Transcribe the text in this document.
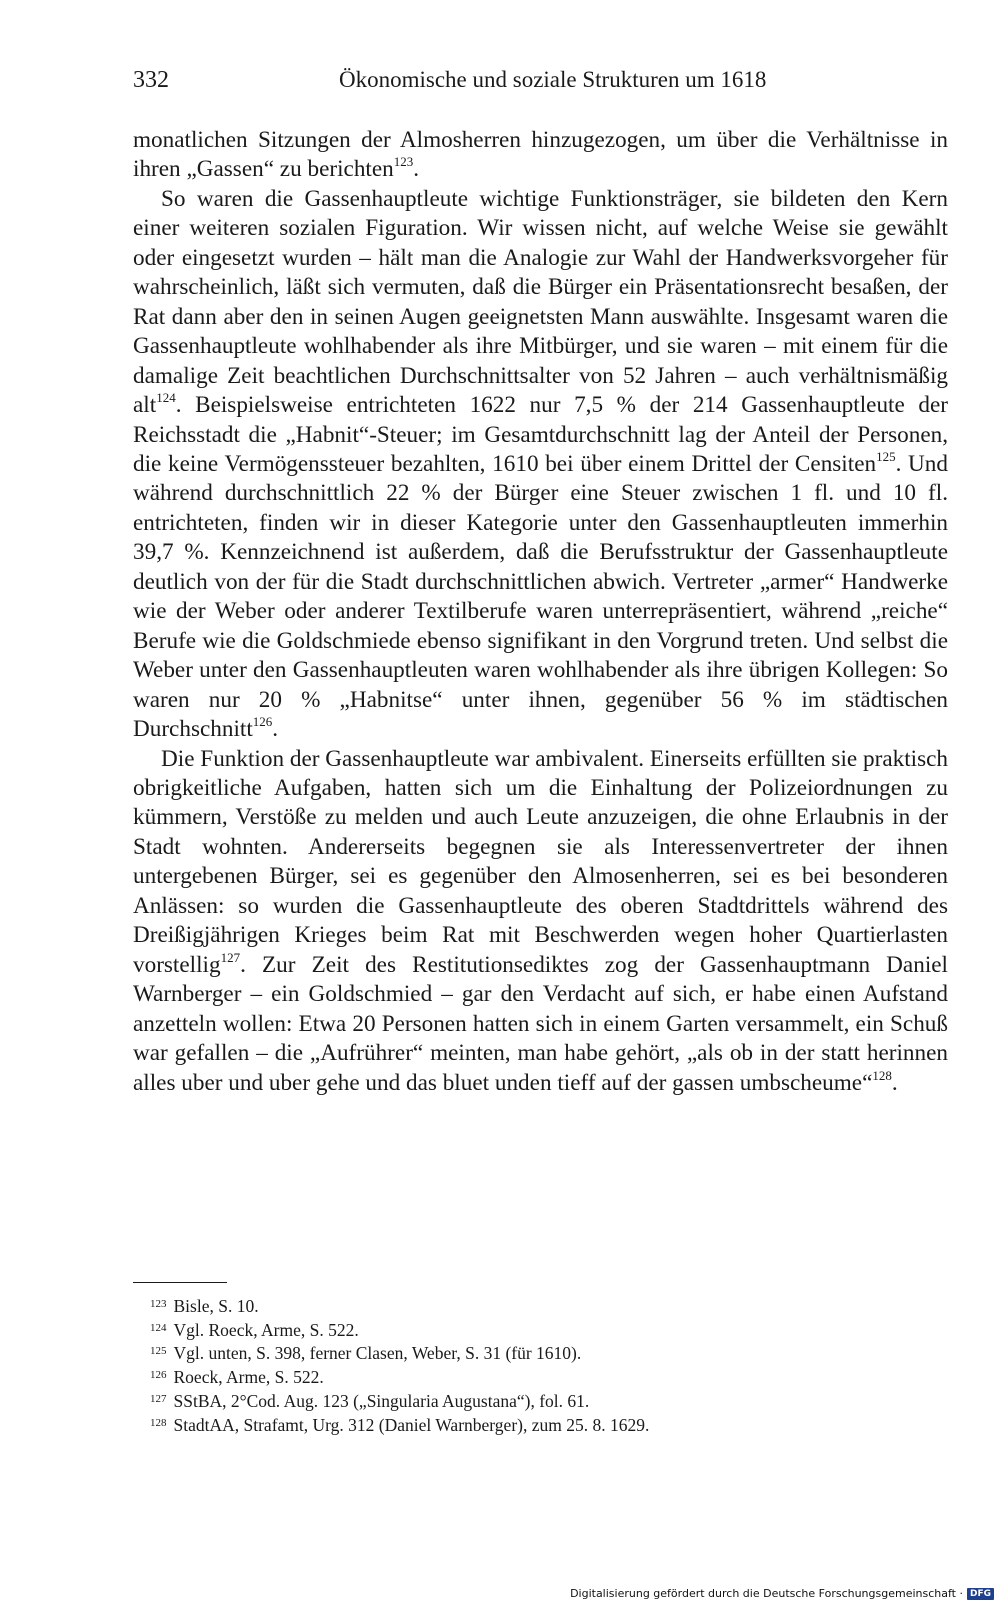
332	Ökonomische und soziale Strukturen um 1618

monatlichen Sitzungen der Almosherren hinzugezogen, um über die Verhältnisse in ihren „Gassen“ zu berichten$^{123}$.

So waren die Gassenhauptleute wichtige Funktionsträger, sie bildeten den Kern einer weiteren sozialen Figuration. Wir wissen nicht, auf welche Weise sie gewählt oder eingesetzt wurden – hält man die Analogie zur Wahl der Handwerksvorgeher für wahrscheinlich, läßt sich vermuten, daß die Bürger ein Präsentationsrecht besaßen, der Rat dann aber den in seinen Augen geeignetsten Mann auswählte. Insgesamt waren die Gassenhauptleute wohlhabender als ihre Mitbürger, und sie waren – mit einem für die damalige Zeit beachtlichen Durchschnittsalter von 52 Jahren – auch verhältnismäßig alt$^{124}$. Beispielsweise entrichteten 1622 nur 7,5 % der 214 Gassenhauptleute der Reichsstadt die „Habnit“-Steuer; im Gesamtdurchschnitt lag der Anteil der Personen, die keine Vermögenssteuer bezahlten, 1610 bei über einem Drittel der Censiten$^{125}$. Und während durchschnittlich 22 % der Bürger eine Steuer zwischen 1 fl. und 10 fl. entrichteten, finden wir in dieser Kategorie unter den Gassenhauptleuten immerhin 39,7 %. Kennzeichnend ist außerdem, daß die Berufsstruktur der Gassenhauptleute deutlich von der für die Stadt durchschnittlichen abwich. Vertreter „armer“ Handwerke wie der Weber oder anderer Textilberufe waren unterrepräsentiert, während „reiche“ Berufe wie die Goldschmiede ebenso signifikant in den Vorgrund treten. Und selbst die Weber unter den Gassenhauptleuten waren wohlhabender als ihre übrigen Kollegen: So waren nur 20 % „Habnitse“ unter ihnen, gegenüber 56 % im städtischen Durchschnitt$^{126}$.

Die Funktion der Gassenhauptleute war ambivalent. Einerseits erfüllten sie praktisch obrigkeitliche Aufgaben, hatten sich um die Einhaltung der Polizeiordnungen zu kümmern, Verstöße zu melden und auch Leute anzuzeigen, die ohne Erlaubnis in der Stadt wohnten. Andererseits begegnen sie als Interessenvertreter der ihnen untergebenen Bürger, sei es gegenüber den Almosenherren, sei es bei besonderen Anlässen: so wurden die Gassenhauptleute des oberen Stadtdrittels während des Dreißigjährigen Krieges beim Rat mit Beschwerden wegen hoher Quartierlasten vorstellig$^{127}$. Zur Zeit des Restitutionsediktes zog der Gassenhauptmann Daniel Warnberger – ein Goldschmied – gar den Verdacht auf sich, er habe einen Aufstand anzetteln wollen: Etwa 20 Personen hatten sich in einem Garten versammelt, ein Schuß war gefallen – die „Aufrührer“ meinten, man habe gehört, „als ob in der statt herinnen alles uber und uber gehe und das bluet unden tieff auf der gassen umbscheume“$^{128}$.

$^{123}$ Bisle, S. 10.
$^{124}$ Vgl. Roeck, Arme, S. 522.
$^{125}$ Vgl. unten, S. 398, ferner Clasen, Weber, S. 31 (für 1610).
$^{126}$ Roeck, Arme, S. 522.
$^{127}$ SStBA, 2°Cod. Aug. 123 („Singularia Augustana“), fol. 61.
$^{128}$ StadtAA, Strafamt, Urg. 312 (Daniel Warnberger), zum 25. 8. 1629.
Digitalisierung gefördert durch die Deutsche Forschungsgemeinschaft · DFG
